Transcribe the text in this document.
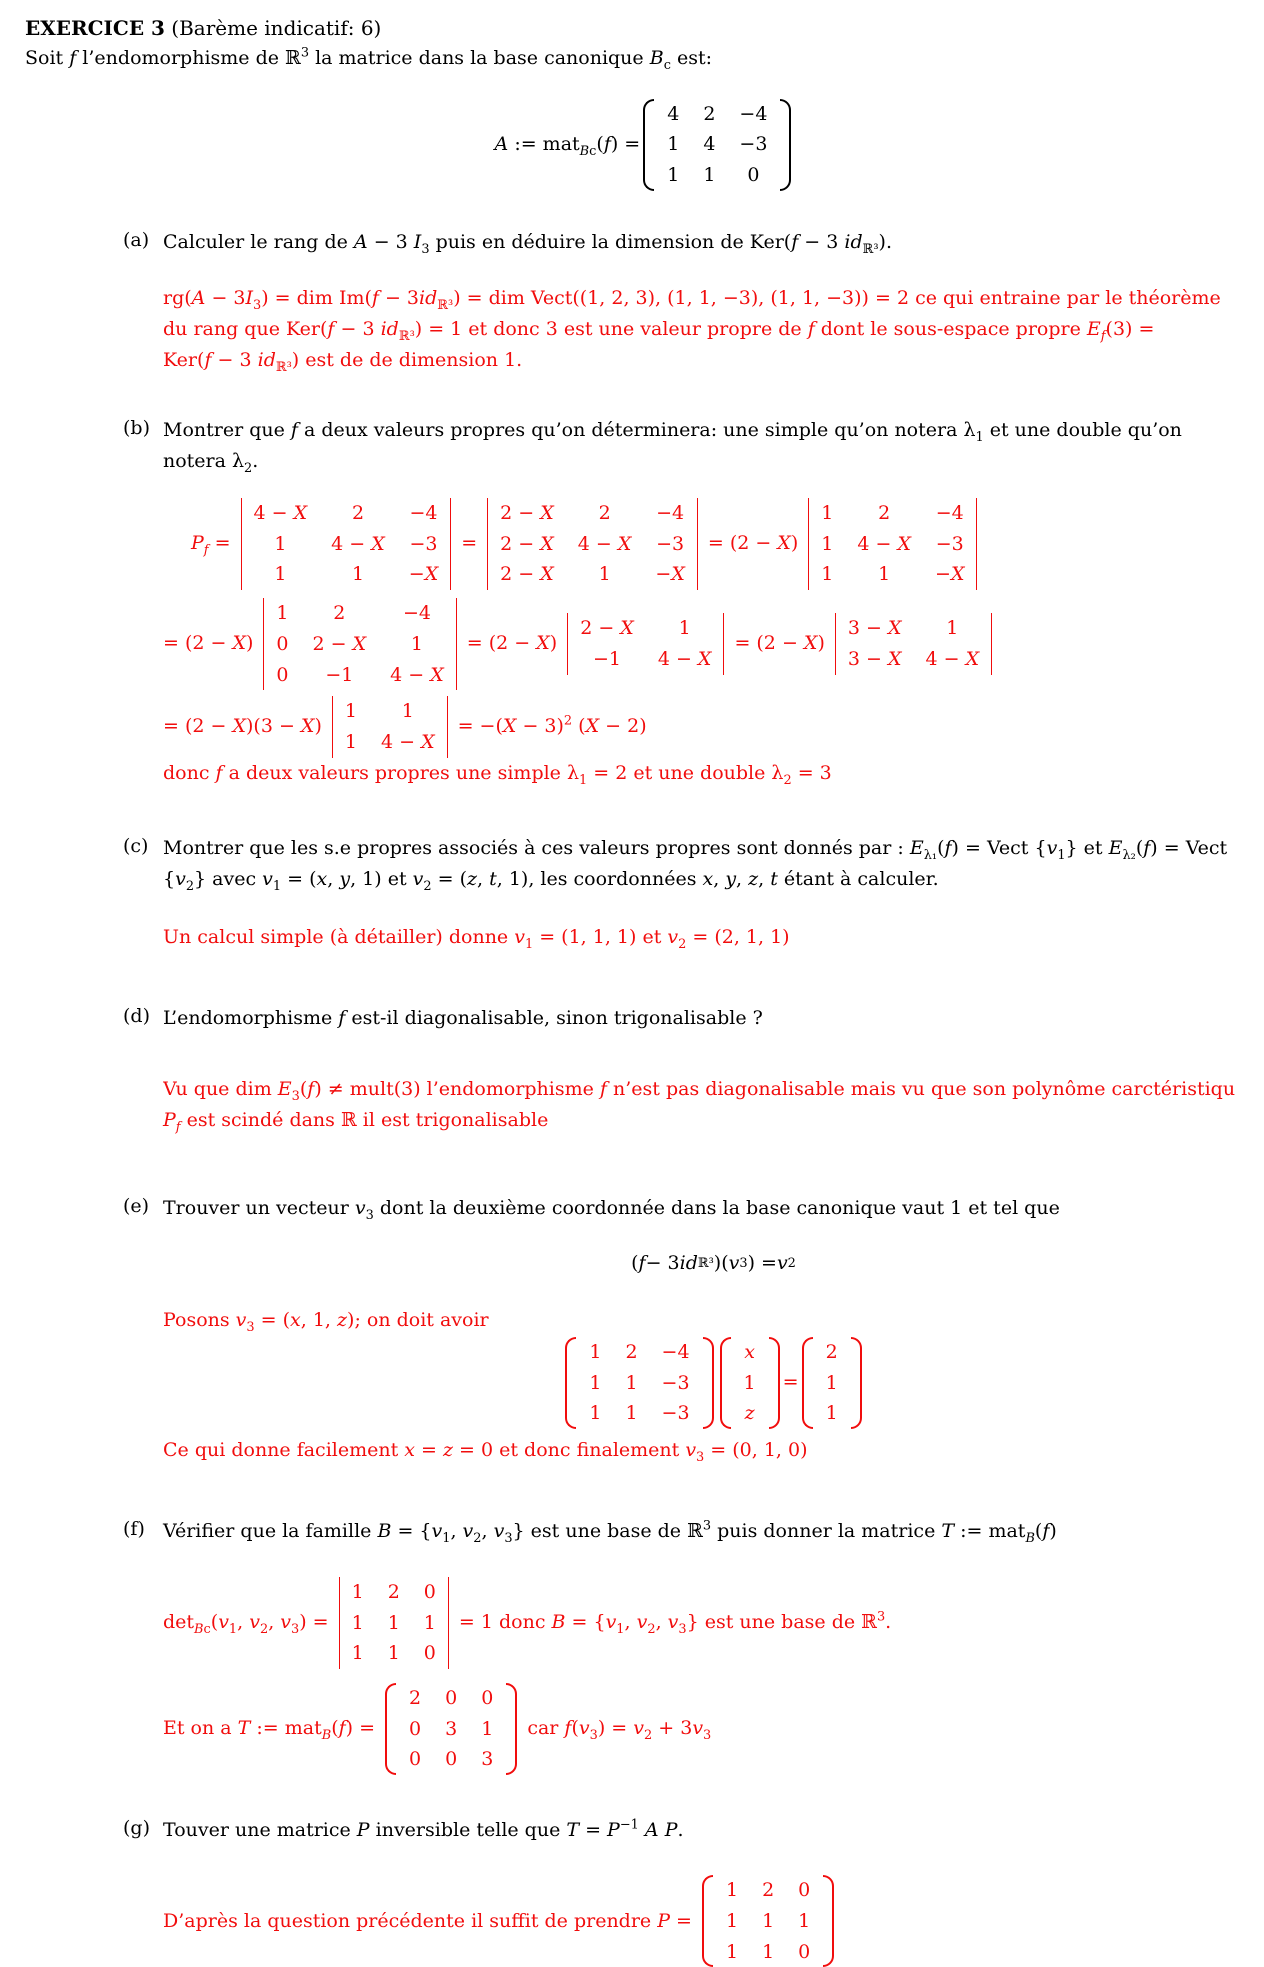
EXERCICE 3 (Barème indicatif: 6)
Soit f l’endomorphisme de ℝ$^3$ la matrice dans la base canonique $B_c$ est:
A := mat$_{Bc}$(f) =
4	2	−4
1	4	−3
1	1	0
(a) Calculer le rang de A − 3 $I_3$ puis en déduire la dimension de Ker(f − 3 $id_{ℝ^3}$).
$rg(A - 3I_3)$ = dim $Im(f - 3id_{ℝ^3})$ = dim Vect((1, 2, 3), (1, 1, −3), (1, 1, −3)) = 2 ce qui entraine par le théorème
du rang que Ker(f − 3 $id_{ℝ^3}) = 1$ et donc 3 est une valeur propre de f dont le sous-espace propre $E_f(3)$ =
Ker(f − 3 $id_{ℝ^3}$) est de de dimension 1.
(b) Montrer que f a deux valeurs propres qu’on déterminera: une simple qu’on notera $\lambda_1$ et une double qu’on notera $\lambda_2$.
$P_f$ =
4 − X	2	−4
1	4 − X	−3
1	1	−X
=
2 − X	2	−4
2 − X	4 − X	−3
2 − X	1	−X
= (2 − X)
1	2	−4
1	4 − X	−3
1	1	−X
= (2 − X)
1	2	−4
0	2 − X	1
0	−1	4 − X
= (2 − X)
2 − X	1
−1	4 − X
= (2 − X)
3 − X	1
3 − X	4 − X
= (2 − X)(3 − X)
1	1
1	4 − X
= $-(X - 3)^2$ (X − 2)
donc f a deux valeurs propres une simple $\lambda_1 = 2$ et une double $\lambda_2 = 3$
(c) Montrer que les s.e propres associés à ces valeurs propres sont donnés par : $E_{\lambda_1}(f)$ = Vect $\{v_1\}$ et $E_{\lambda_2}(f)$ = Vect $\{v_2\}$ avec $v_1 = (x$, y, 1) et $v_2 = (z$, t, 1), les coordonnées x, y, z, t étant à calculer.
Un calcul simple (à détailler) donne $v_1 = (1$, 1, 1) et $v_2 = (2$, 1, 1)
(d) L’endomorphisme f est-il diagonalisable, sinon trigonalisable ?
Vu que dim $E_3(f)$ ≠ mult(3) l’endomorphisme f n’est pas diagonalisable mais vu que son polynôme carctéristiqu
$P_f$ est scindé dans ℝ il est trigonalisable
(e) Trouver un vecteur $v_3$ dont la deuxième coordonnée dans la base canonique vaut 1 et tel que
( f − 3 id ℝ³ )( v 3 ) = v 2
Posons $v_3 = (x$, 1, z); on doit avoir
1	2	−4
1	1	−3
1	1	−3
x
1
z
=
2
1
1
Ce qui donne facilement x = z = 0 et donc finalement $v_3 = (0$, 1, 0)
(f) Vérifier que la famille $B = \{v_1$, $v_2$, $v_3$} est une base de ℝ$^3$ puis donner la matrice T := mat$_B$(f)
$\det_{Bc}(v_1$, $v_2$, $v_3$) =
1	2	0
1	1	1
1	1	0
= 1 donc $B = \{v_1$, $v_2$, $v_3$} est une base de ℝ$^3$.
Et on a T := mat$_B$(f) =
2	0	0
0	3	1
0	0	3
car $f(v_3) = v_2 + 3v_3$
(g) Touver une matrice P inversible telle que $T = P^{-1}$ A P.
D’après la question précédente il suffit de prendre P =
1	2	0
1	1	1
1	1	0
